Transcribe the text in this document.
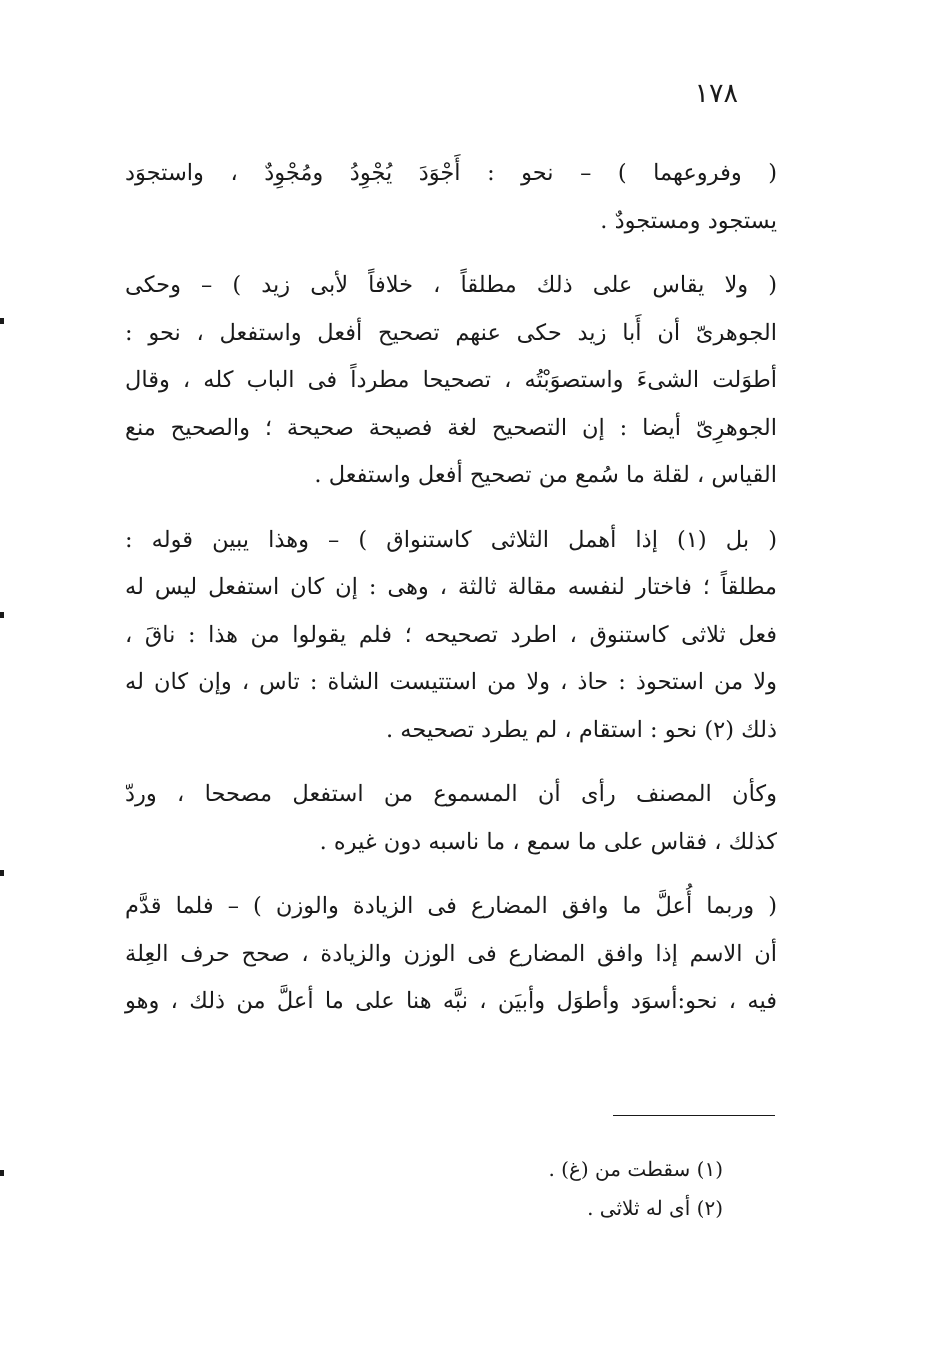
١٧٨

( وفروعهما ) – نحو : أَجْوَدَ يُجْوِدُ ومُجْوِدٌ ، واستجوَد
يستجود ومستجودٌ .

( ولا يقاس على ذلك مطلقاً ، خلافاً لأبى زيد ) – وحكى
الجوهرىّ أن أَبا زيد حكى عنهم تصحيح أفعل واستفعل ، نحو :
أطوَلت الشىءَ واستصوَبْتُه ، تصحيحا مطرداً فى الباب كله ، وقال
الجوهرِىّ أيضا : إن التصحيح لغة فصيحة صحيحة ؛ والصحيح منع
القياس ، لقلة ما سُمع من تصحيح أفعل واستفعل .

( بل (١) إذا أهمل الثلاثى كاستنواق ) – وهذا يبين قوله :
مطلقاً ؛ فاختار لنفسه مقالة ثالثة ، وهى : إن كان استفعل ليس له
فعل ثلاثى كاستنوق ، اطرد تصحيحه ؛ فلم يقولوا من هذا : ناقَ ،
ولا من استحوذ : حاذ ، ولا من استتيست الشاة : تاس ، وإن كان له
ذلك (٢) نحو : استقام ، لم يطرد تصحيحه .

وكأن المصنف رأى أن المسموع من استفعل مصححا ، وردّ
كذلك ، فقاس على ما سمع ، ما ناسبه دون غيره .

( وربما أُعلَّ ما وافق المضارع فى الزيادة والوزن ) – فلما قدَّم
أن الاسم إذا وافق المضارع فى الوزن والزيادة ، صحح حرف العِلة
فيه ، نحو:أسوَد وأطوَل وأبيَن ، نبَّه هنا على ما أعلَّ من ذلك ، وهو

(١) سقطت من (غ) .
(٢) أى له ثلاثى .
